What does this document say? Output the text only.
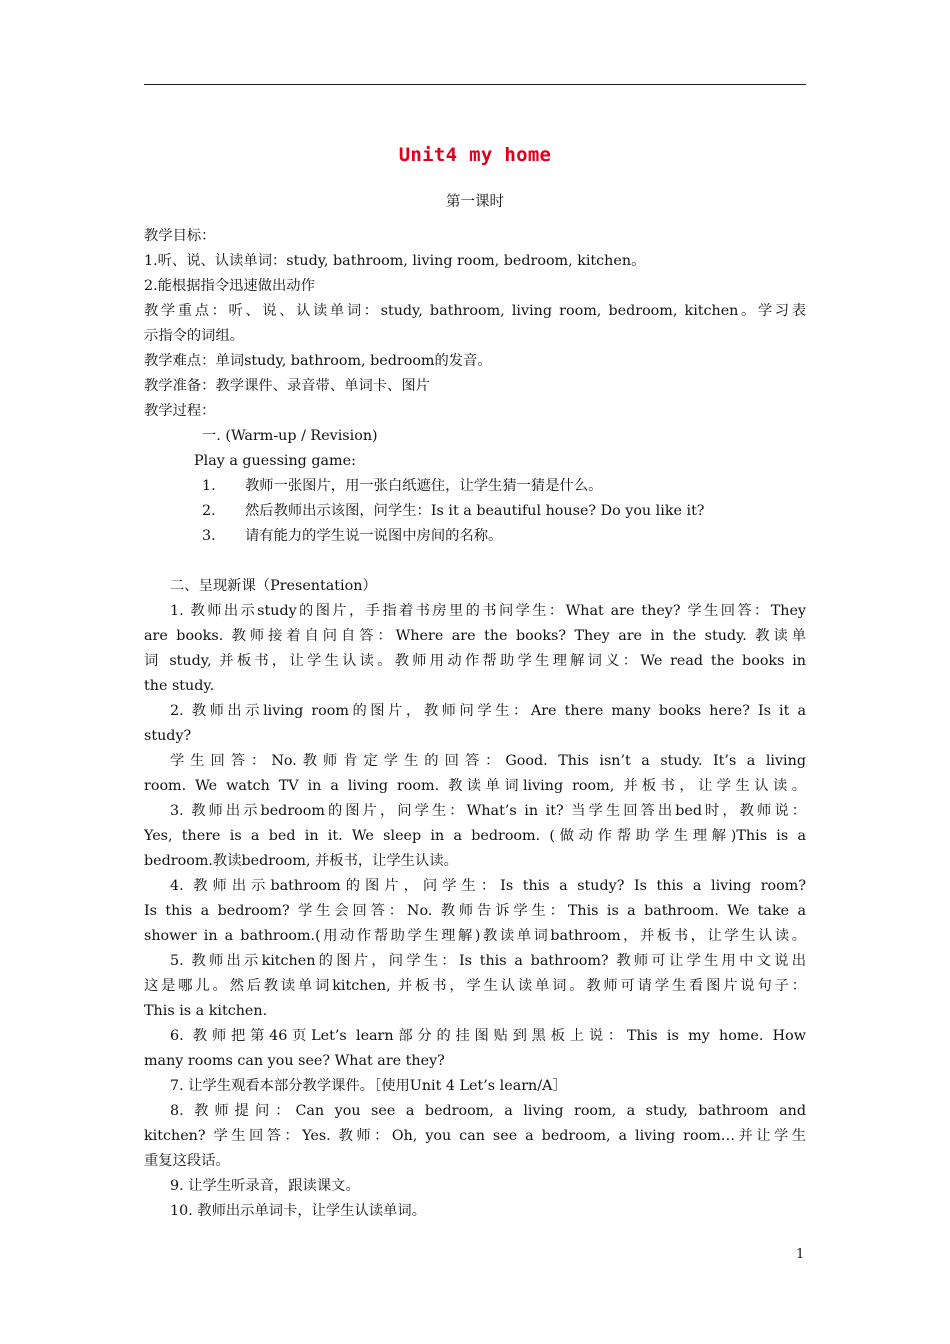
Unit4 my home
第一课时
教学目标：
1.听、说、认读单词：study, bathroom, living room, bedroom, kitchen。
2.能根据指令迅速做出动作
教学重点：听、说、认读单词：study, bathroom, living room, bedroom, kitchen。学习表
示指令的词组。
教学难点：单词study, bathroom, bedroom的发音。
教学准备：教学课件、录音带、单词卡、图片
教学过程：
一. (Warm-up / Revision)
Play a guessing game:
1. 教师一张图片，用一张白纸遮住，让学生猜一猜是什么。
2. 然后教师出示该图，问学生：Is it a beautiful house? Do you like it?
3. 请有能力的学生说一说图中房间的名称。
二、呈现新课（Presentation）
1. 教师出示study的图片，手指着书房里的书问学生：What are they? 学生回答：They
are books. 教师接着自问自答：Where are the books? They are in the study. 教读单
词 study, 并板书，让学生认读。教师用动作帮助学生理解词义：We read the books in
the study.
2. 教师出示living room的图片，教师问学生：Are there many books here? Is it a
study?
学生回答：No.教师肯定学生的回答：Good. This isn’t a study. It’s a living
room. We watch TV in a living room. 教读单词living room, 并板书，让学生认读。
3. 教师出示bedroom的图片，问学生：What’s in it? 当学生回答出bed时，教师说：
Yes, there is a bed in it. We sleep in a bedroom. (做动作帮助学生理解)This is a
bedroom.教读bedroom, 并板书，让学生认读。
4. 教师出示bathroom的图片，问学生：Is this a study? Is this a living room?
Is this a bedroom? 学生会回答：No. 教师告诉学生：This is a bathroom. We take a
shower in a bathroom.(用动作帮助学生理解)教读单词bathroom，并板书，让学生认读。
5. 教师出示kitchen的图片，问学生：Is this a bathroom? 教师可让学生用中文说出
这是哪儿。然后教读单词kitchen, 并板书，学生认读单词。教师可请学生看图片说句子：
This is a kitchen.
6. 教师把第46页Let’s learn部分的挂图贴到黑板上说：This is my home. How
many rooms can you see? What are they?
7. 让学生观看本部分教学课件。［使用Unit 4 Let’s learn/A］
8. 教师提问：Can you see a bedroom, a living room, a study, bathroom and
kitchen? 学生回答：Yes. 教师：Oh, you can see a bedroom, a living room…并让学生
重复这段话。
9. 让学生听录音，跟读课文。
10. 教师出示单词卡，让学生认读单词。
1
